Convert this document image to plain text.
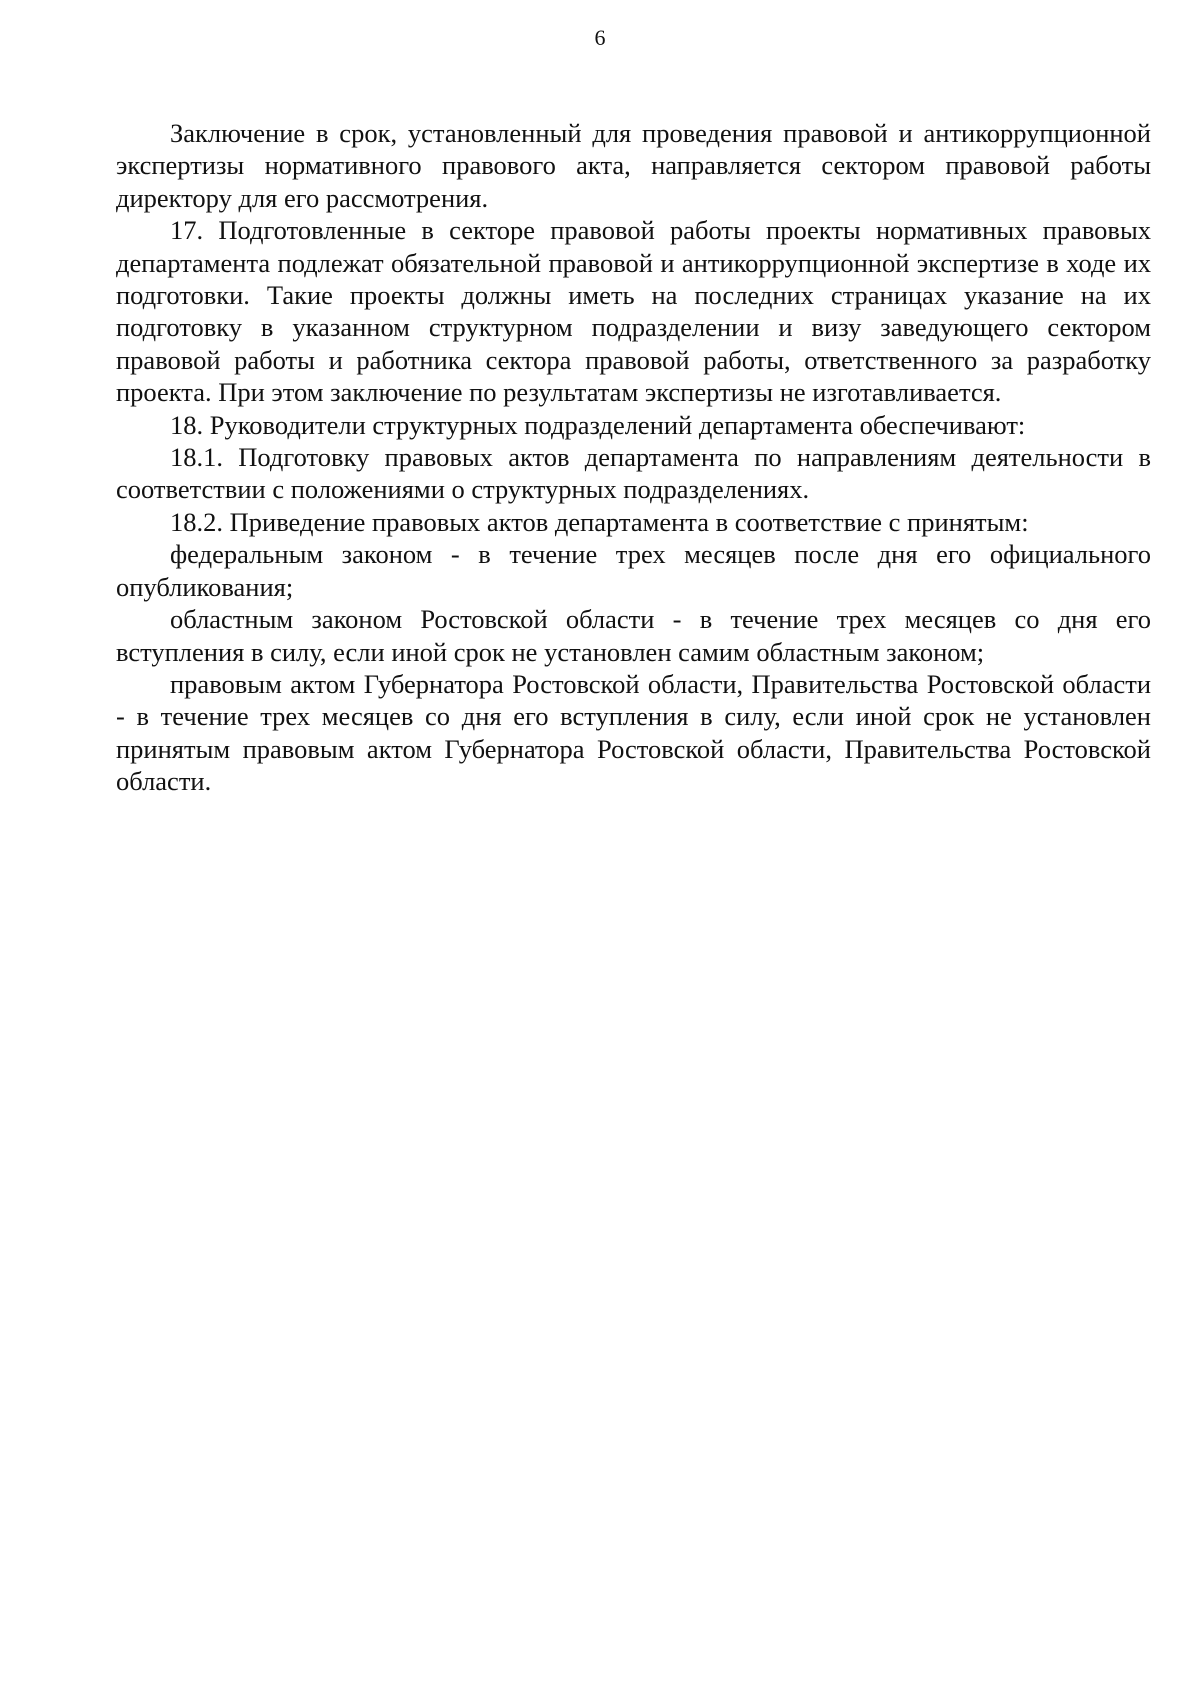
6

Заключение в срок, установленный для проведения правовой и антикоррупционной экспертизы нормативного правового акта, направляется сектором правовой работы директору для его рассмотрения.

17. Подготовленные в секторе правовой работы проекты нормативных правовых департамента подлежат обязательной правовой и антикоррупционной экспертизе в ходе их подготовки. Такие проекты должны иметь на последних страницах указание на их подготовку в указанном структурном подразделении и визу заведующего сектором правовой работы и работника сектора правовой работы, ответственного за разработку проекта. При этом заключение по результатам экспертизы не изготавливается.

18. Руководители структурных подразделений департамента обеспечивают:

18.1. Подготовку правовых актов департамента по направлениям деятельности в соответствии с положениями о структурных подразделениях.

18.2. Приведение правовых актов департамента в соответствие с принятым:

федеральным законом - в течение трех месяцев после дня его официального опубликования;

областным законом Ростовской области - в течение трех месяцев со дня его вступления в силу, если иной срок не установлен самим областным законом;

правовым актом Губернатора Ростовской области, Правительства Ростовской области - в течение трех месяцев со дня его вступления в силу, если иной срок не установлен принятым правовым актом Губернатора Ростовской области, Правительства Ростовской области.
